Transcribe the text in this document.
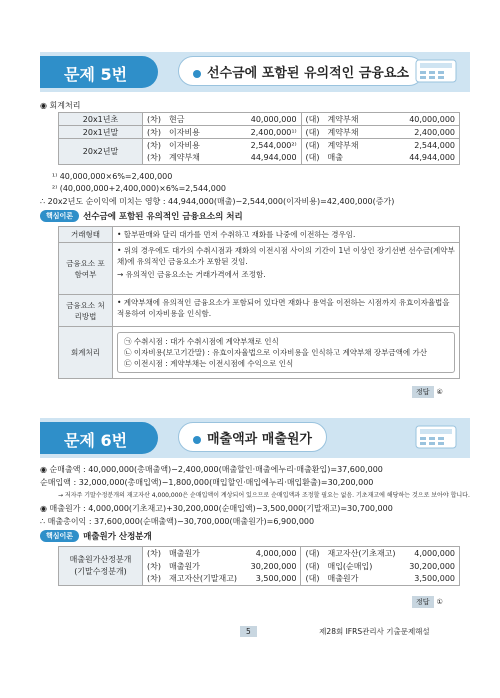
문제 5번	선수금에 포함된 유의적인 금융요소
◉ 회계처리
20x1년초	(차)	현금	40,000,000	(대)	계약부채	40,000,000
20x1년말	(차)	이자비용	2,400,000¹⁾	(대)	계약부채	2,400,000
20x2년말	(차)	이자비용	2,544,000²⁾	(대)	계약부채	2,544,000
	(차)	계약부채	44,944,000	(대)	매출	44,944,000
¹⁾ 40,000,000×6%=2,400,000
²⁾ (40,000,000+2,400,000)×6%=2,544,000
∴ 20x2년도 순이익에 미치는 영향 : 44,944,000(매출)−2,544,000(이자비용)=42,400,000(증가)
핵심이론	선수금에 포함된 유의적인 금융요소의 처리
거래형태	• 할부판매와 달리 대가를 먼저 수취하고 재화를 나중에 이전하는 경우임.
금융요소 포함여부	• 위의 경우에도 대가의 수취시점과 재화의 이전시점 사이의 기간이 1년 이상인 장기선변 선수금(계약부채)에 유의적인 금융요소가 포함된 것임.
→ 유의적인 금융요소는 거래가격에서 조정함.

금융요소 처리방법	• 계약부채에 유의적인 금융요소가 포함되어 있다면 재화나 용역을 이전하는 시점까지 유효이자율법을 적용하여 이자비용을 인식함.
회계처리	㉠ 수취시점 : 대가 수취시점에 계약부채로 인식
㉡ 이자비용(보고기간말) : 유효이자율법으로 이자비용을 인식하고 계약부채 장부금액에 가산
㉢ 이전시점 : 계약부채는 이전시점에 수익으로 인식
정답	④
문제 6번	매출액과 매출원가
◉ 순매출액 : 40,000,000(총매출액)−2,400,000(매출할인·매출에누리·매출환입)=37,600,000
순매입액 : 32,000,000(총매입액)−1,800,000(매입할인·매입에누리·매입환출)=30,200,000
→ 저자주 기말수정분개의 재고자산 4,000,000은 순매입액이 계상되어 있으므로 순매입액과 조정할 필요는 없음. 기초재고에 해당하는 것으로 보아야 합니다.
◉ 매출원가 : 4,000,000(기초재고)+30,200,000(순매입액)−3,500,000(기말재고)=30,700,000
∴ 매출총이익 : 37,600,000(순매출액)−30,700,000(매출원가)=6,900,000
핵심이론	매출원가 산정분개
매출원가산정분개
(기말수정분개)	(차)	매출원가	4,000,000	(대)	재고자산(기초재고)	4,000,000
	(차)	매출원가	30,200,000	(대)	매입(순매입)	30,200,000
	(차)	재고자산(기말재고)	3,500,000	(대)	매출원가	3,500,000
정답	①
5	제28회 IFRS관리사 기출문제해설
